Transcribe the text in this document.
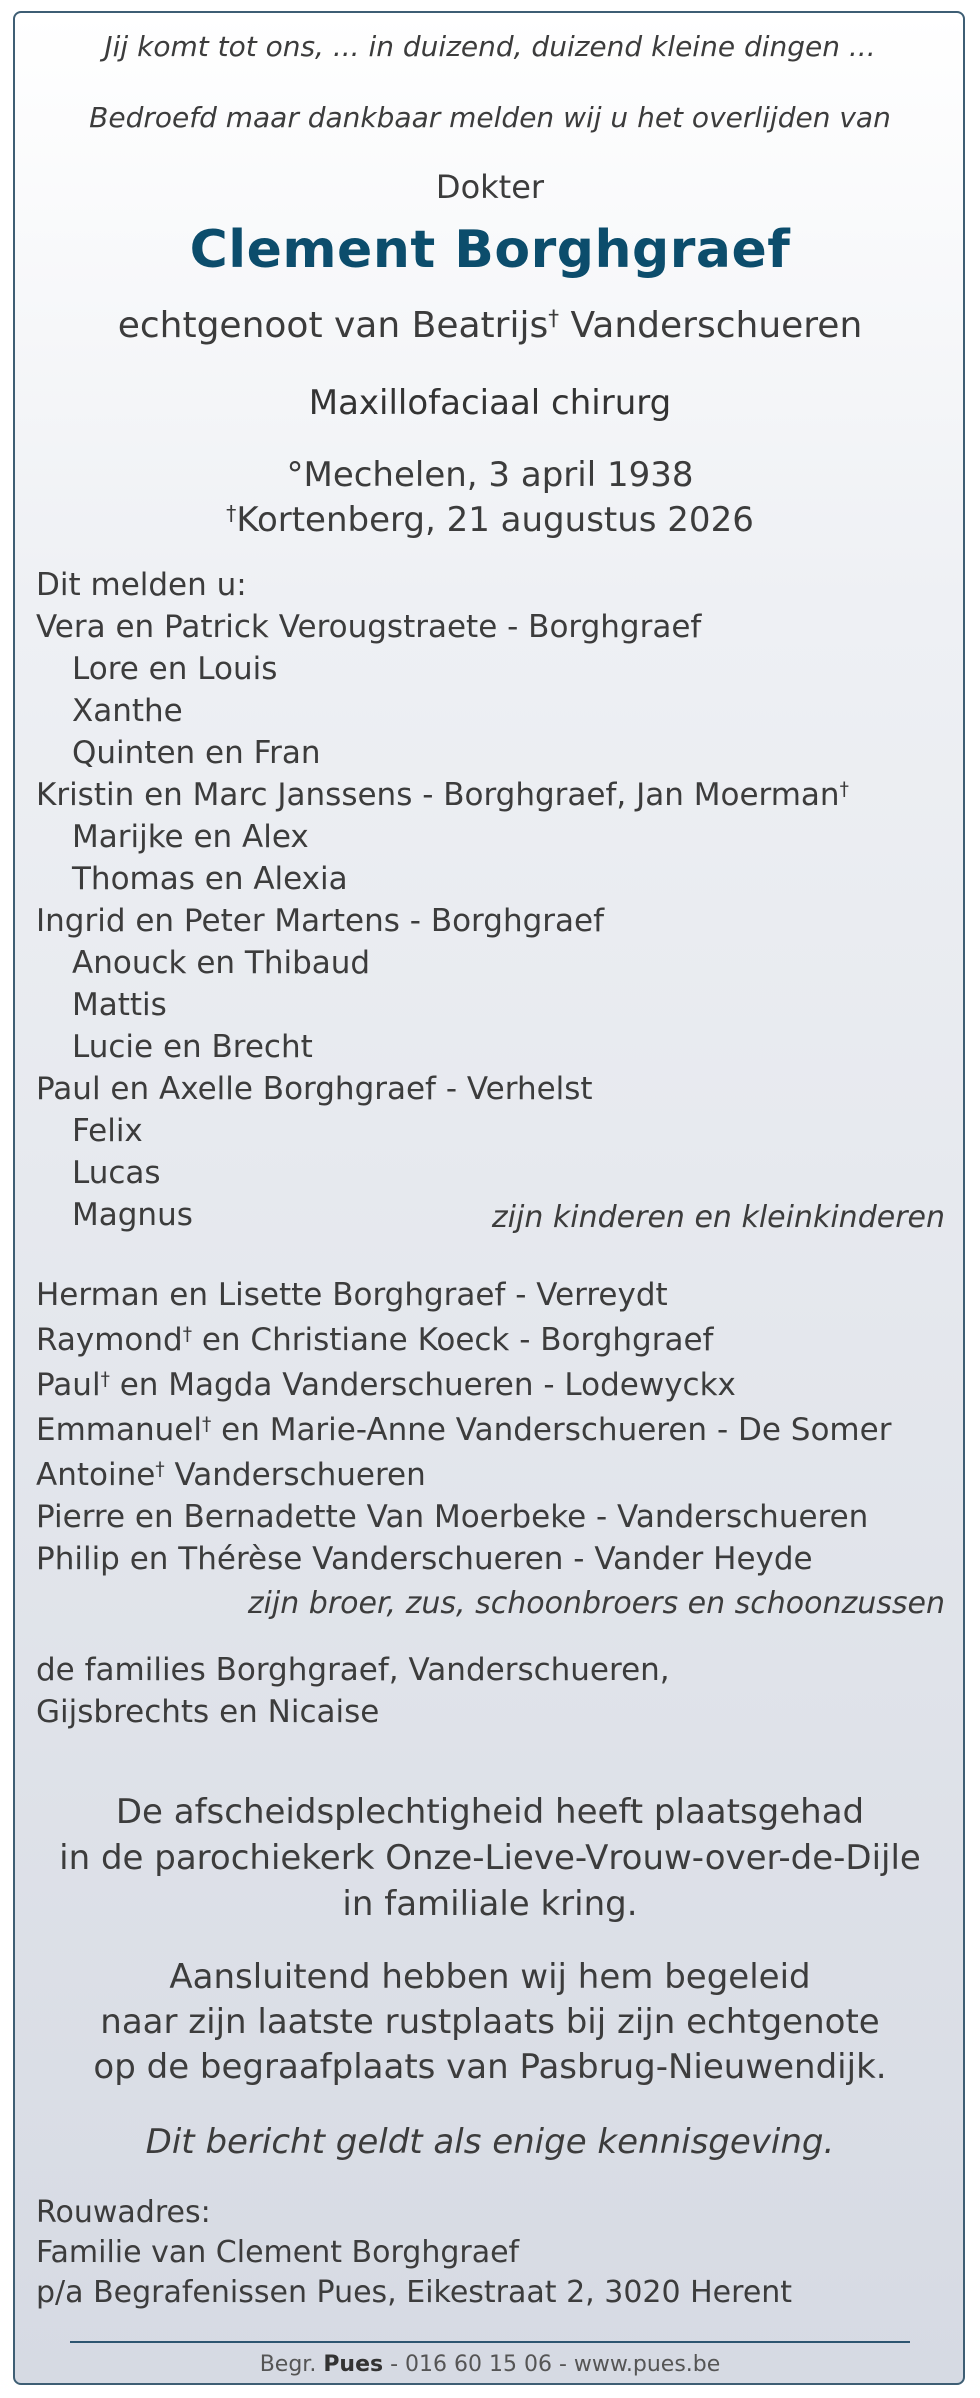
Jij komt tot ons, ... in duizend, duizend kleine dingen ...
Bedroefd maar dankbaar melden wij u het overlijden van
Dokter
Clement Borghgraef
echtgenoot van Beatrijs† Vanderschueren
Maxillofaciaal chirurg
°Mechelen, 3 april 1938
†Kortenberg, 21 augustus 2026
Dit melden u:
Vera en Patrick Verougstraete - Borghgraef
Lore en Louis
Xanthe
Quinten en Fran
Kristin en Marc Janssens - Borghgraef, Jan Moerman†
Marijke en Alex
Thomas en Alexia
Ingrid en Peter Martens - Borghgraef
Anouck en Thibaud
Mattis
Lucie en Brecht
Paul en Axelle Borghgraef - Verhelst
Felix
Lucas
Magnus	zijn kinderen en kleinkinderen
Herman en Lisette Borghgraef - Verreydt
Raymond† en Christiane Koeck - Borghgraef
Paul† en Magda Vanderschueren - Lodewyckx
Emmanuel† en Marie-Anne Vanderschueren - De Somer
Antoine† Vanderschueren
Pierre en Bernadette Van Moerbeke - Vanderschueren
Philip en Thérèse Vanderschueren - Vander Heyde
zijn broer, zus, schoonbroers en schoonzussen
de families Borghgraef, Vanderschueren,
Gijsbrechts en Nicaise
De afscheidsplechtigheid heeft plaatsgehad
in de parochiekerk Onze-Lieve-Vrouw-over-de-Dijle
in familiale kring.
Aansluitend hebben wij hem begeleid
naar zijn laatste rustplaats bij zijn echtgenote
op de begraafplaats van Pasbrug-Nieuwendijk.
Dit bericht geldt als enige kennisgeving.
Rouwadres:
Familie van Clement Borghgraef
p/a Begrafenissen Pues, Eikestraat 2, 3020 Herent
Begr. Pues - 016 60 15 06 - www.pues.be
